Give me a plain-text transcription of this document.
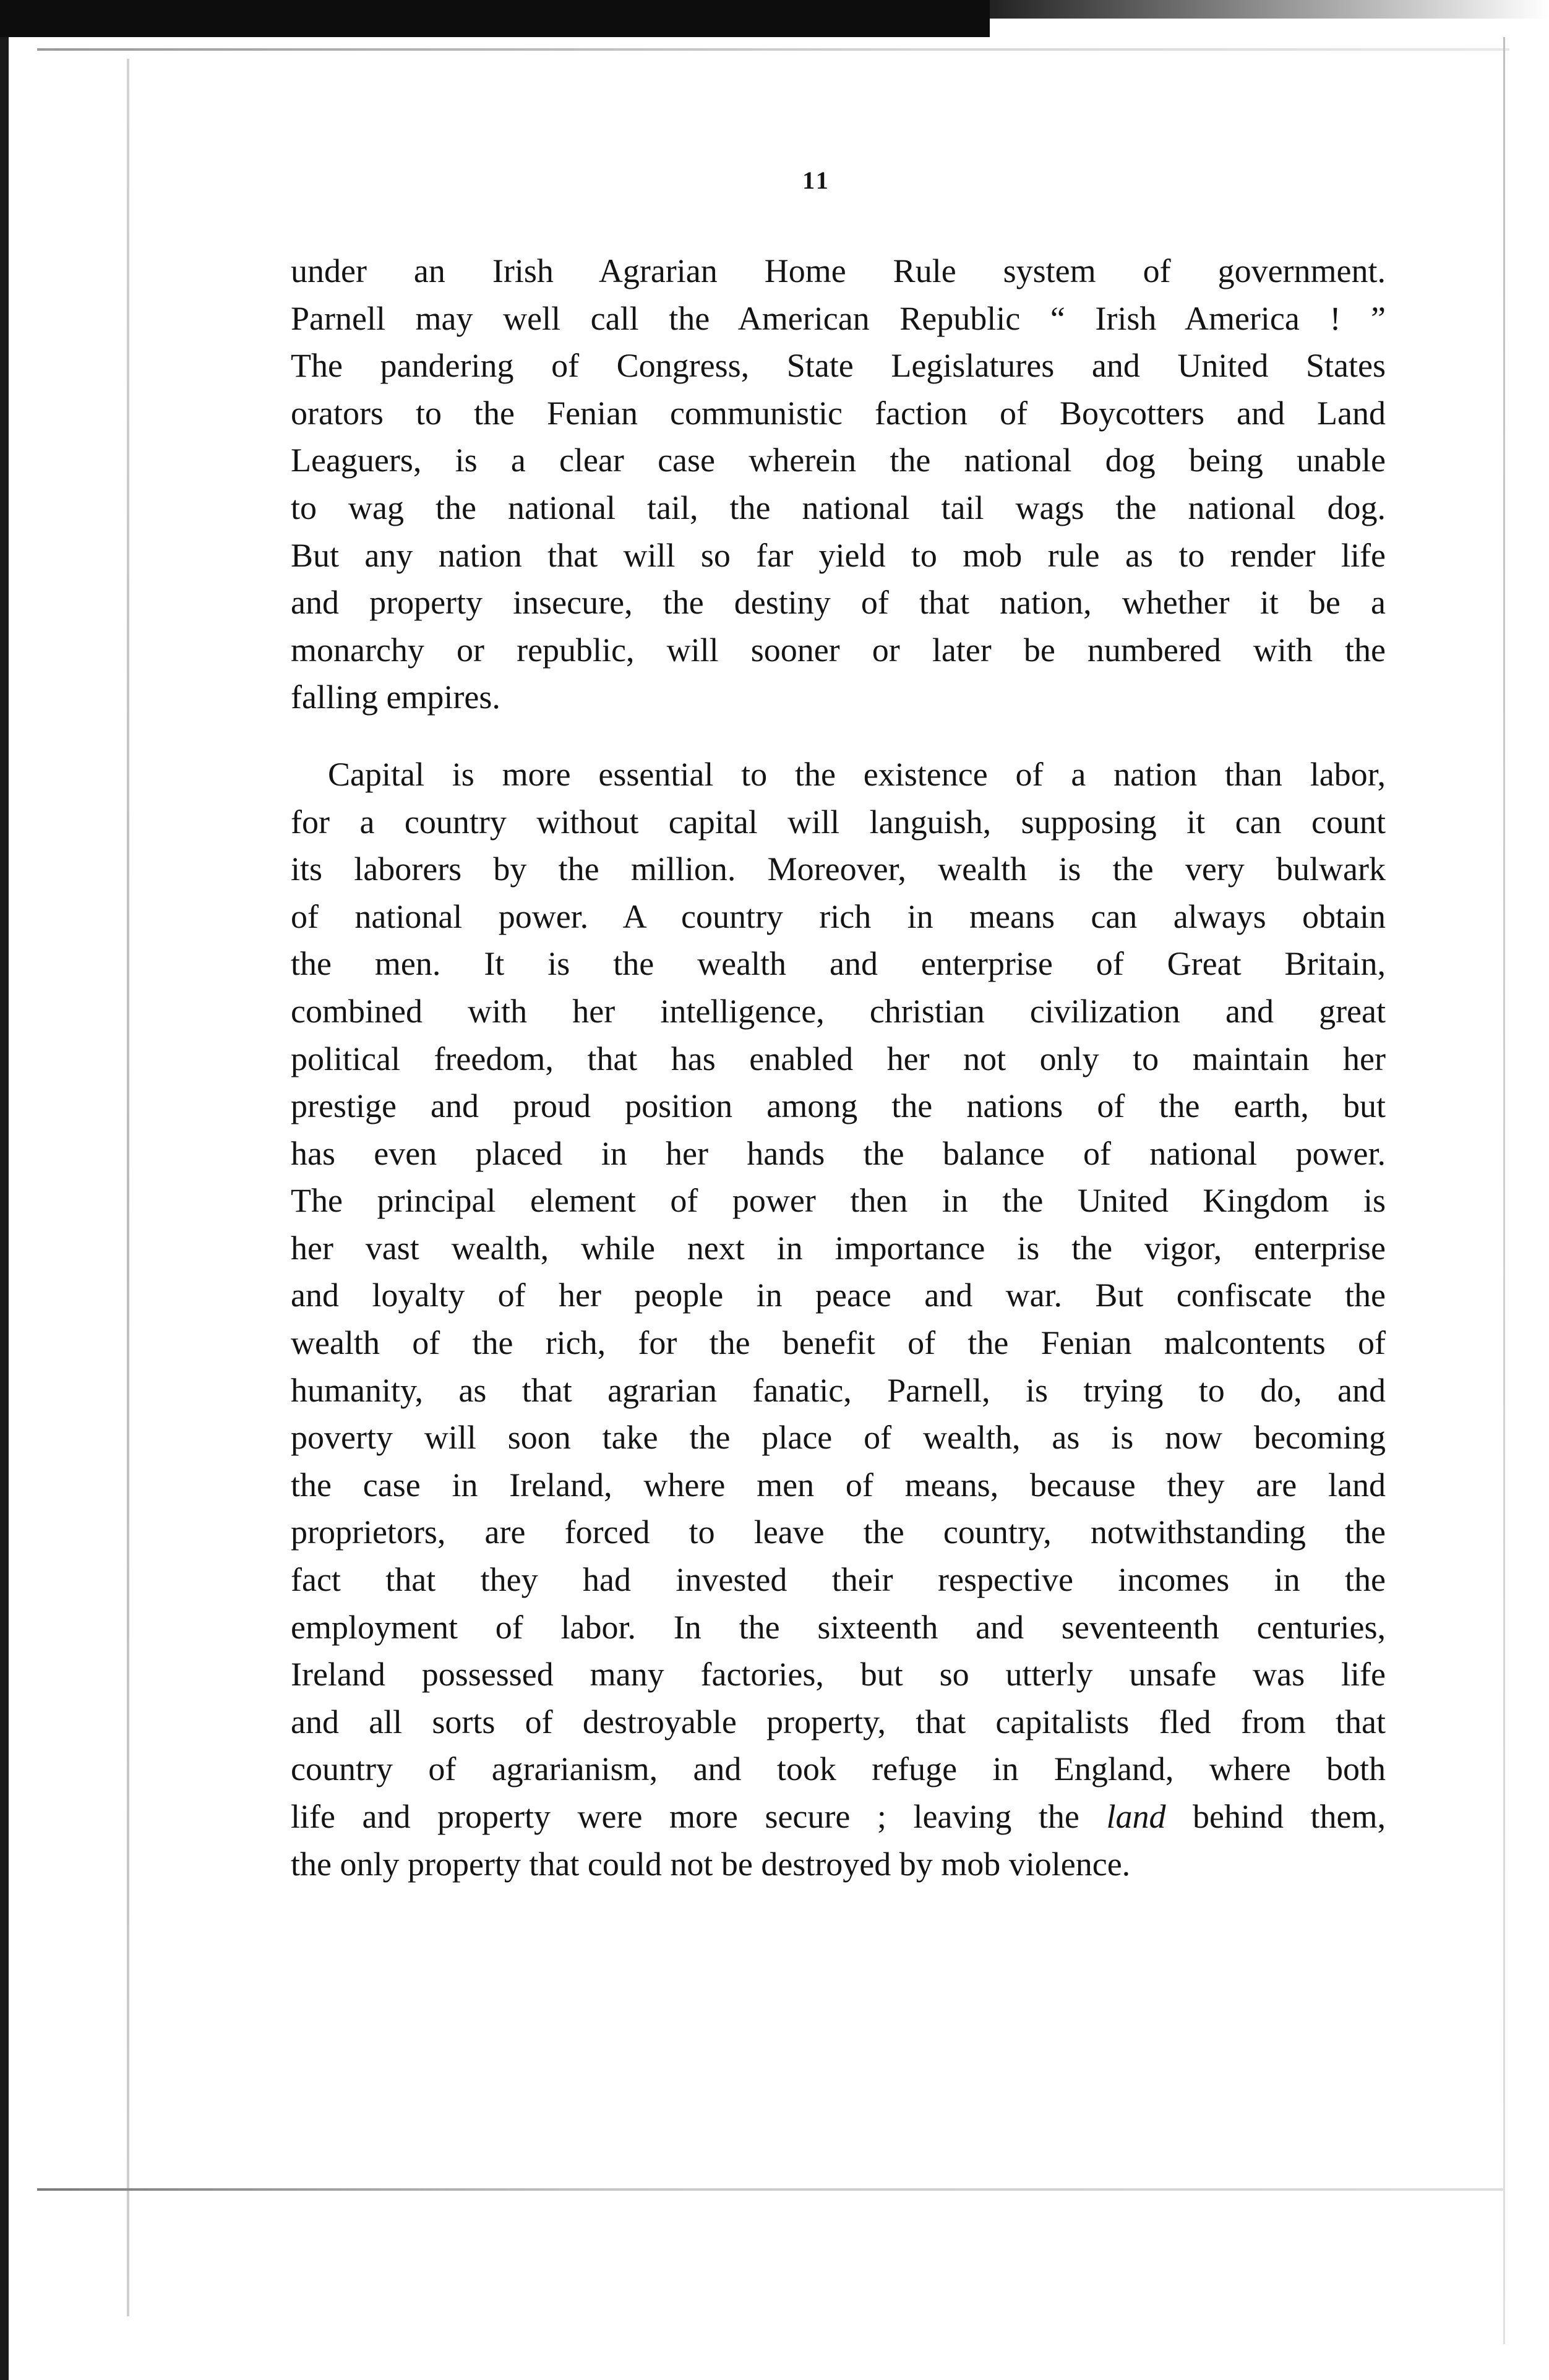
11

under an Irish Agrarian Home Rule system of government.

Parnell may well call the American Republic “ Irish America ! ”

The pandering of Congress, State Legislatures and United States

orators to the Fenian communistic faction of Boycotters and Land

Leaguers, is a clear case wherein the national dog being unable

to wag the national tail, the national tail wags the national dog.

But any nation that will so far yield to mob rule as to render life

and property insecure, the destiny of that nation, whether it be a

monarchy or republic, will sooner or later be numbered with the

falling empires.

Capital is more essential to the existence of a nation than labor,

for a country without capital will languish, supposing it can count

its laborers by the million. Moreover, wealth is the very bulwark

of national power. A country rich in means can always obtain

the men. It is the wealth and enterprise of Great Britain,

combined with her intelligence, christian civilization and great

political freedom, that has enabled her not only to maintain her

prestige and proud position among the nations of the earth, but

has even placed in her hands the balance of national power.

The principal element of power then in the United Kingdom is

her vast wealth, while next in importance is the vigor, enterprise

and loyalty of her people in peace and war. But confiscate the

wealth of the rich, for the benefit of the Fenian malcontents of

humanity, as that agrarian fanatic, Parnell, is trying to do, and

poverty will soon take the place of wealth, as is now becoming

the case in Ireland, where men of means, because they are land

proprietors, are forced to leave the country, notwithstanding the

fact that they had invested their respective incomes in the

employment of labor. In the sixteenth and seventeenth centuries,

Ireland possessed many factories, but so utterly unsafe was life

and all sorts of destroyable property, that capitalists fled from that

country of agrarianism, and took refuge in England, where both

life and property were more secure ; leaving the land behind them,

the only property that could not be destroyed by mob violence.
